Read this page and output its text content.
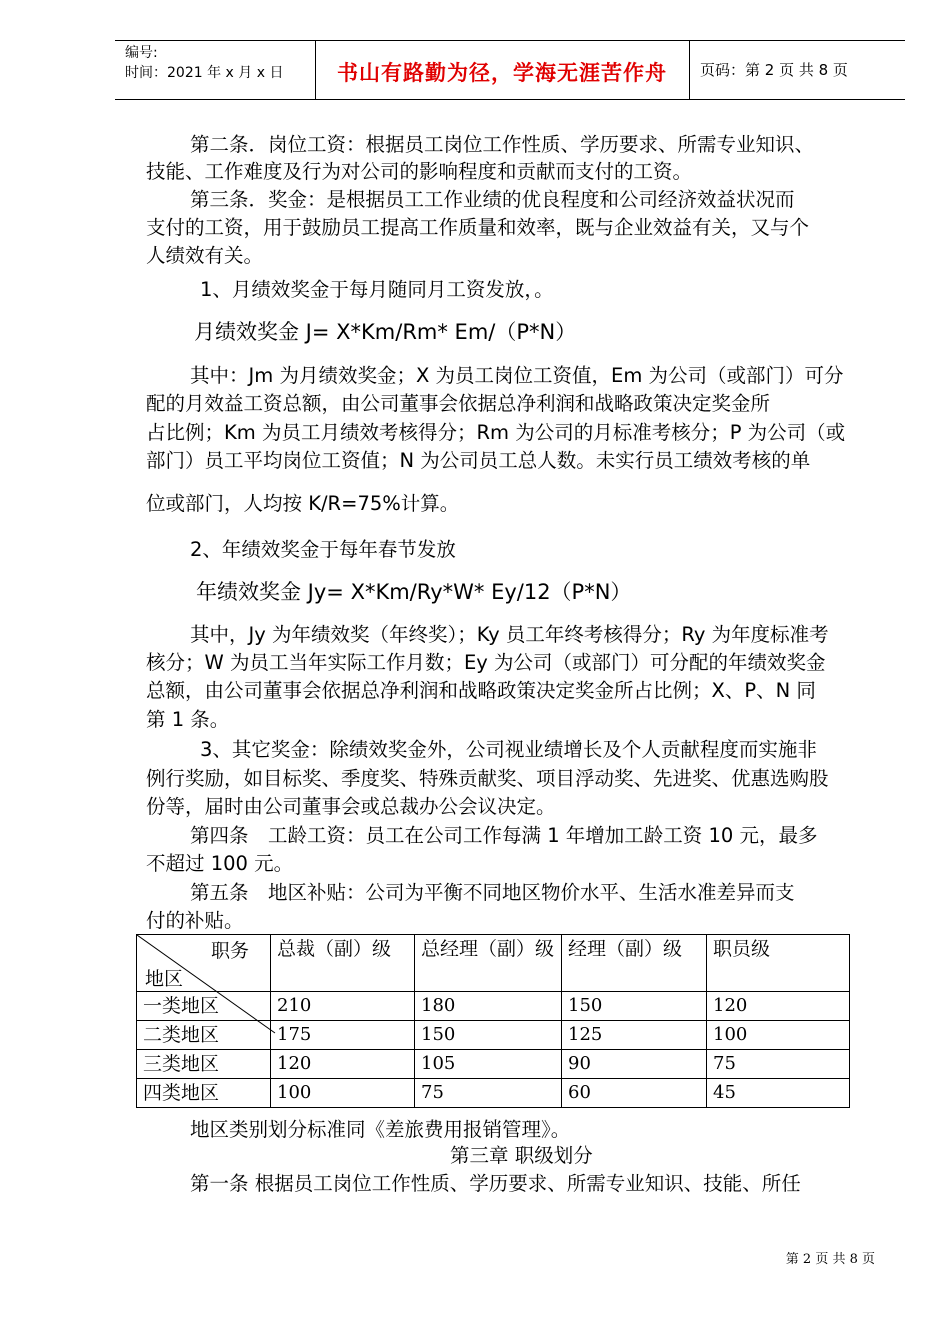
编号:
时间：2021 年 x 月 x 日	书山有路勤为径，学海无涯苦作舟	页码：第 2 页 共 8 页
第二条．岗位工资：根据员工岗位工作性质、学历要求、所需专业知识、
技能、工作难度及行为对公司的影响程度和贡献而支付的工资。
第三条．奖金：是根据员工工作业绩的优良程度和公司经济效益状况而
支付的工资，用于鼓励员工提高工作质量和效率，既与企业效益有关，又与个
人绩效有关。
1、月绩效奖金于每月随同月工资发放，。
月绩效奖金 J= X*Km/Rm* Em/（P*N）
其中：Jm 为月绩效奖金；X 为员工岗位工资值，Em 为公司（或部门）可分
配的月效益工资总额，由公司董事会依据总净利润和战略政策决定奖金所
占比例；Km 为员工月绩效考核得分；Rm 为公司的月标准考核分；P 为公司（或
部门）员工平均岗位工资值；N 为公司员工总人数。未实行员工绩效考核的单
位或部门，人均按 K/R=75%计算。
2、年绩效奖金于每年春节发放
年绩效奖金 Jy= X*Km/Ry*W* Ey/12（P*N）
其中，Jy 为年绩效奖（年终奖）；Ky 员工年终考核得分；Ry 为年度标准考
核分；W 为员工当年实际工作月数；Ey 为公司（或部门）可分配的年绩效奖金
总额，由公司董事会依据总净利润和战略政策决定奖金所占比例；X、P、N 同
第 1 条。
3、其它奖金：除绩效奖金外，公司视业绩增长及个人贡献程度而实施非
例行奖励，如目标奖、季度奖、特殊贡献奖、项目浮动奖、先进奖、优惠选购股
份等，届时由公司董事会或总裁办公会议决定。
第四条　工龄工资：员工在公司工作每满 1 年增加工龄工资 10 元，最多
不超过 100 元。
第五条　地区补贴：公司为平衡不同地区物价水平、生活水准差异而支
付的补贴。
职务
地区	总裁（副）级	总经理（副）级	经理（副）级	职员级
一类地区	210	180	150	120
二类地区	175	150	125	100
三类地区	120	105	90	75
四类地区	100	75	60	45
地区类别划分标准同《差旅费用报销管理》。
第三章 职级划分
第一条 根据员工岗位工作性质、学历要求、所需专业知识、技能、所任
第 2 页 共 8 页
